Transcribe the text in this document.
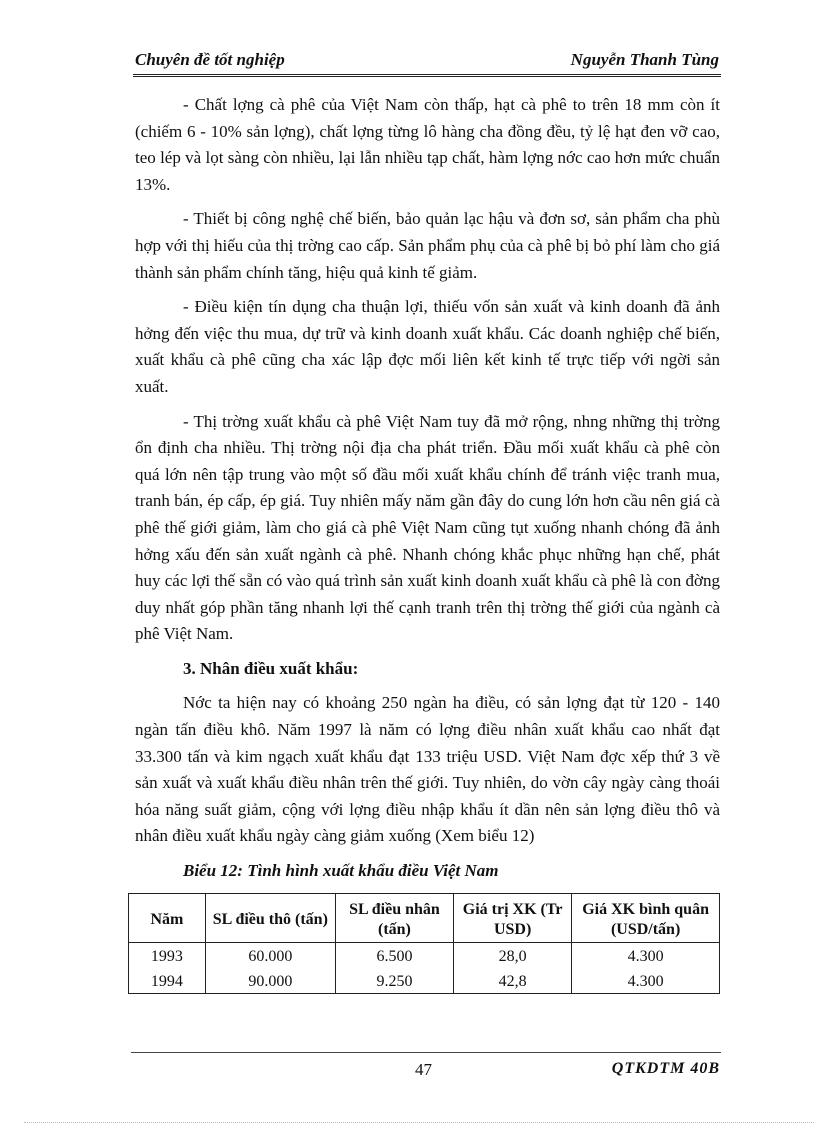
Chuyên đề tốt nghiệp	Nguyễn Thanh Tùng

- Chất lợng cà phê của Việt Nam còn thấp, hạt cà phê to trên 18 mm còn ít (chiếm 6 - 10% sản lợng), chất lợng từng lô hàng cha đồng đều, tỷ lệ hạt đen vỡ cao, teo lép và lọt sàng còn nhiều, lại lẫn nhiều tạp chất, hàm lợng nớc cao hơn mức chuẩn 13%.

- Thiết bị công nghệ chế biến, bảo quản lạc hậu và đơn sơ, sản phẩm cha phù hợp với thị hiếu của thị trờng cao cấp. Sản phẩm phụ của cà phê bị bỏ phí làm cho giá thành sản phẩm chính tăng, hiệu quả kinh tế giảm.

- Điều kiện tín dụng cha thuận lợi, thiếu vốn sản xuất và kinh doanh đã ảnh hởng đến việc thu mua, dự trữ và kinh doanh xuất khẩu. Các doanh nghiệp chế biến, xuất khẩu cà phê cũng cha xác lập đợc mối liên kết kinh tế trực tiếp với ngời sản xuất.

- Thị trờng xuất khẩu cà phê Việt Nam tuy đã mở rộng, nhng những thị trờng ổn định cha nhiều. Thị trờng nội địa cha phát triển. Đầu mối xuất khẩu cà phê còn quá lớn nên tập trung vào một số đầu mối xuất khẩu chính để tránh việc tranh mua, tranh bán, ép cấp, ép giá. Tuy nhiên mấy năm gần đây do cung lớn hơn cầu nên giá cà phê thế giới giảm, làm cho giá cà phê Việt Nam cũng tụt xuống nhanh chóng đã ảnh hởng xấu đến sản xuất ngành cà phê. Nhanh chóng khắc phục những hạn chế, phát huy các lợi thế sẵn có vào quá trình sản xuất kinh doanh xuất khẩu cà phê là con đờng duy nhất góp phần tăng nhanh lợi thế cạnh tranh trên thị trờng thế giới của ngành cà phê Việt Nam.

3. Nhân điều xuất khẩu:

Nớc ta hiện nay có khoảng 250 ngàn ha điều, có sản lợng đạt từ 120 - 140 ngàn tấn điều khô. Năm 1997 là năm có lợng điều nhân xuất khẩu cao nhất đạt 33.300 tấn và kim ngạch xuất khẩu đạt 133 triệu USD. Việt Nam đợc xếp thứ 3 về sản xuất và xuất khẩu điều nhân trên thế giới. Tuy nhiên, do vờn cây ngày càng thoái hóa năng suất giảm, cộng với lợng điều nhập khẩu ít dần nên sản lợng điều thô và nhân điều xuất khẩu ngày càng giảm xuống (Xem biểu 12)

Biểu 12: Tình hình xuất khẩu điều Việt Nam

Năm	SL điều thô (tấn)	SL điều nhân (tấn)	Giá trị XK (Tr USD)	Giá XK bình quân (USD/tấn)
1993	60.000	6.500	28,0	4.300
1994	90.000	9.250	42,8	4.300
47	QTKDTM 40B
